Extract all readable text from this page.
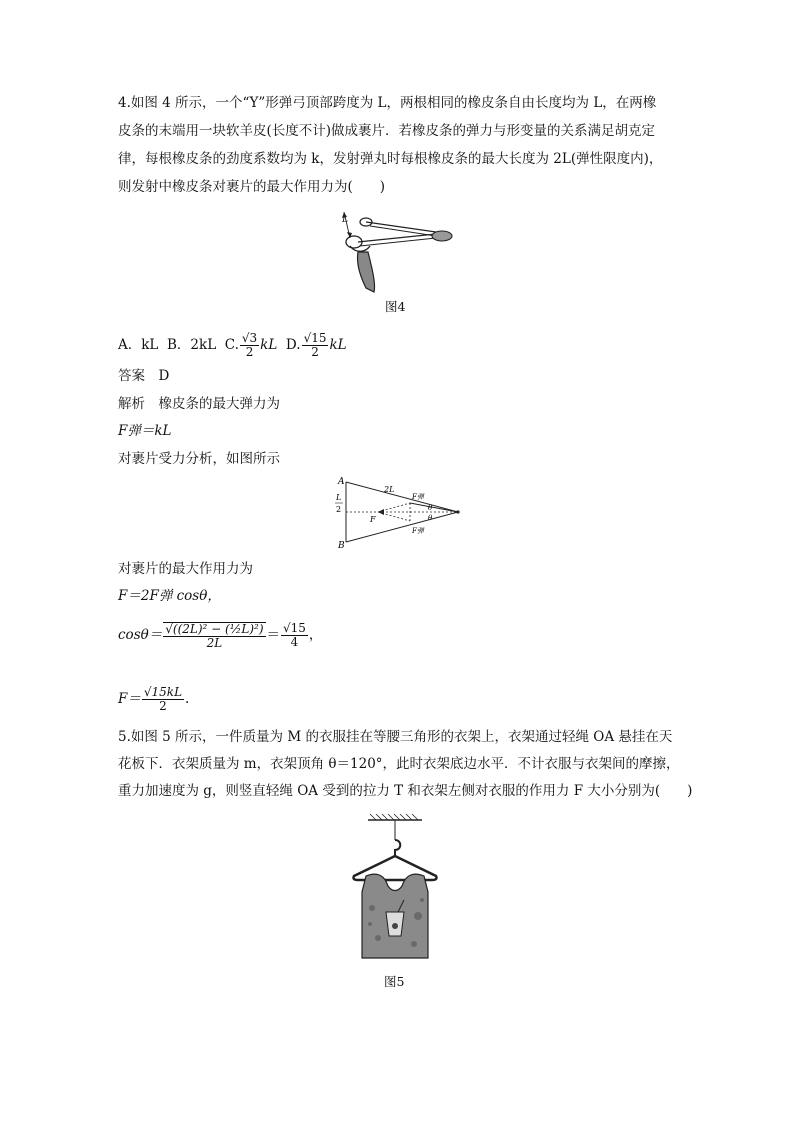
4.如图 4 所示，一个“Y”形弹弓顶部跨度为 L，两根相同的橡皮条自由长度均为 L，在两橡
皮条的末端用一块软羊皮(长度不计)做成裹片．若橡皮条的弹力与形变量的关系满足胡克定
律，每根橡皮条的劲度系数均为 k，发射弹丸时每根橡皮条的最大长度为 2L(弹性限度内)，
则发射中橡皮条对裹片的最大作用力为(　　)
L
图4
A．kL B．2kL C. $\frac{√3}{2}$ kL D. $\frac{√15}{2}$ kL
答案　D
解析　橡皮条的最大弹力为
F弹＝kL
对裹片受力分析，如图所示
A
B
L
2
2L
F
F弹
F弹
θ
θ
对裹片的最大作用力为
F＝2F弹 cosθ，
$\cos\theta= \frac{\text{√((2L)² − (½L)²)}}{2L} = \frac{√15}{4}$ ，
$F= \frac{√15kL}{2}$ .
5.如图 5 所示，一件质量为 M 的衣服挂在等腰三角形的衣架上，衣架通过轻绳 OA 悬挂在天
花板下．衣架质量为 m，衣架顶角 θ＝120°，此时衣架底边水平．不计衣服与衣架间的摩擦，
重力加速度为 g，则竖直轻绳 OA 受到的拉力 T 和衣架左侧对衣服的作用力 F 大小分别为(　　)
图5
